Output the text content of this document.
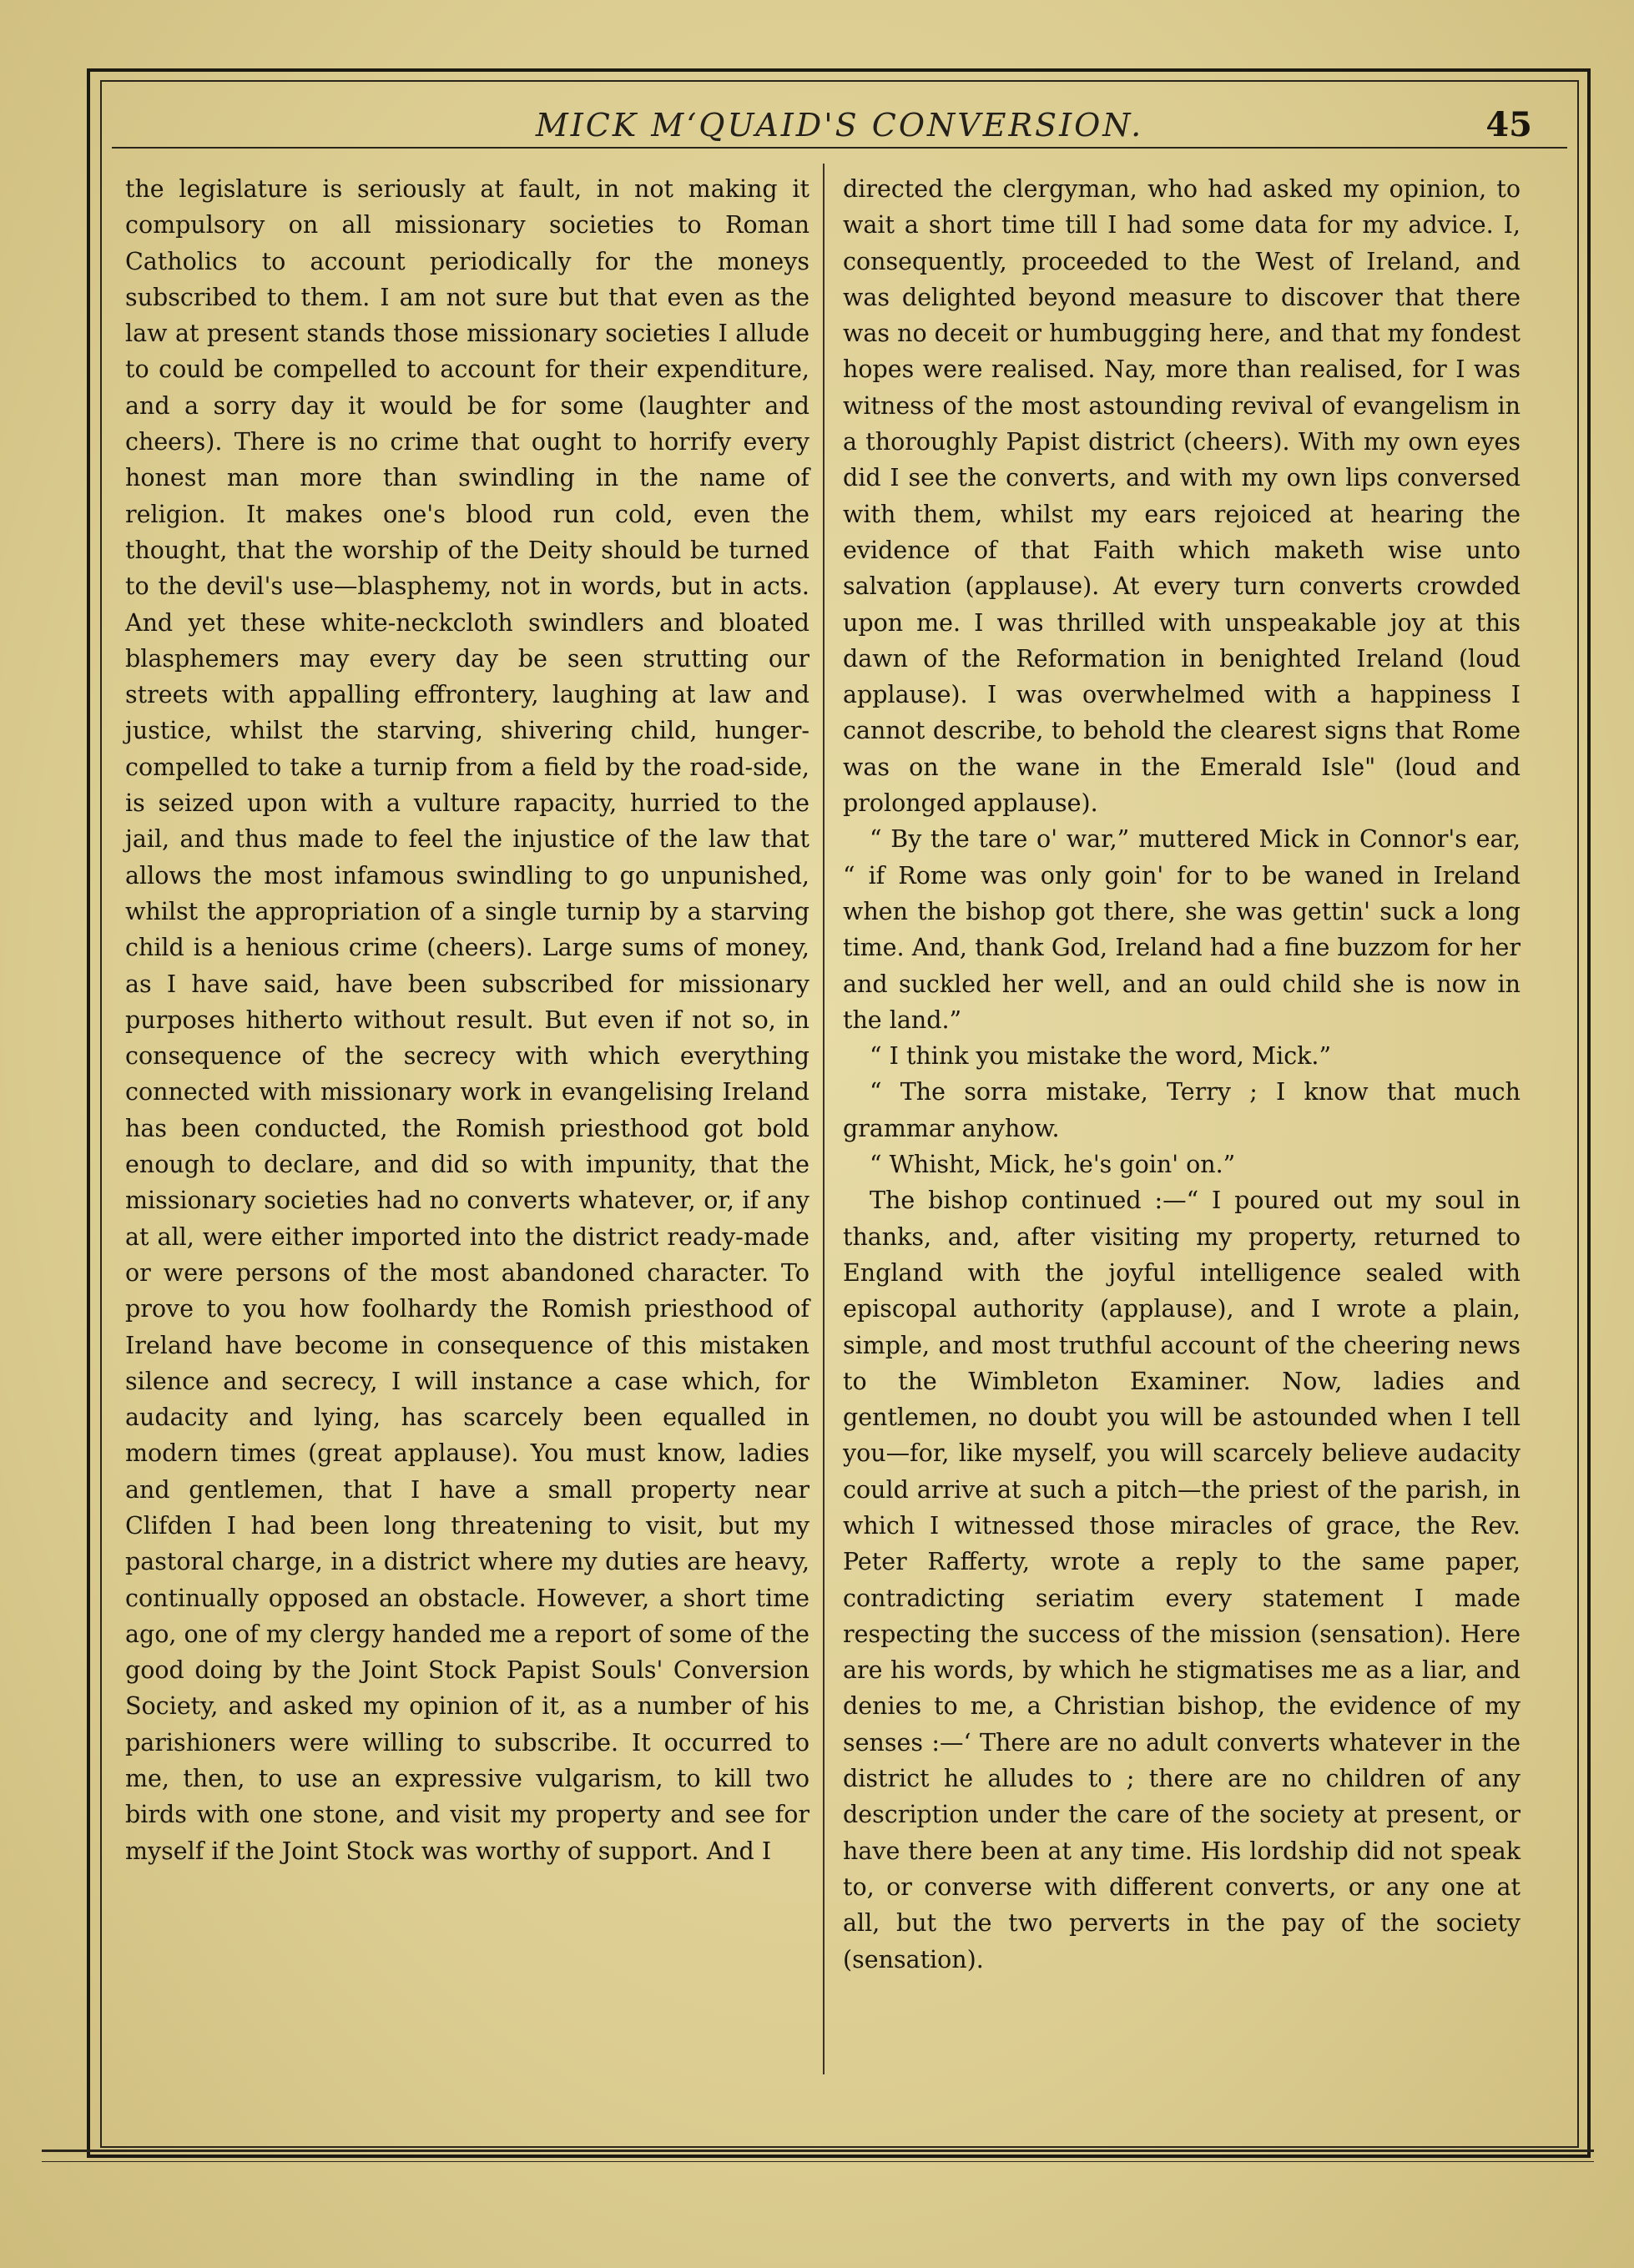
MICK M‘QUAID'S CONVERSION.	45

the legislature is seriously at fault, in not making it compulsory on all missionary societies to Roman Catholics to account periodically for the moneys subscribed to them. I am not sure but that even as the law at present stands those missionary societies I allude to could be compelled to account for their expenditure, and a sorry day it would be for some (laughter and cheers). There is no crime that ought to horrify every honest man more than swindling in the name of religion. It makes one's blood run cold, even the thought, that the worship of the Deity should be turned to the devil's use—blasphemy, not in words, but in acts. And yet these white-neckcloth swindlers and bloated blasphemers may every day be seen strutting our streets with appalling effrontery, laughing at law and justice, whilst the starving, shivering child, hunger-compelled to take a turnip from a field by the road-side, is seized upon with a vulture rapacity, hurried to the jail, and thus made to feel the injustice of the law that allows the most infamous swindling to go unpunished, whilst the appropriation of a single turnip by a starving child is a henious crime (cheers). Large sums of money, as I have said, have been subscribed for missionary purposes hitherto without result. But even if not so, in consequence of the secrecy with which everything connected with missionary work in evangelising Ireland has been conducted, the Romish priesthood got bold enough to declare, and did so with impunity, that the missionary societies had no converts whatever, or, if any at all, were either imported into the district ready-made or were persons of the most abandoned character. To prove to you how foolhardy the Romish priesthood of Ireland have become in consequence of this mistaken silence and secrecy, I will instance a case which, for audacity and lying, has scarcely been equalled in modern times (great applause). You must know, ladies and gentlemen, that I have a small property near Clifden I had been long threatening to visit, but my pastoral charge, in a district where my duties are heavy, continually opposed an obstacle. However, a short time ago, one of my clergy handed me a report of some of the good doing by the Joint Stock Papist Souls' Conversion Society, and asked my opinion of it, as a number of his parishioners were willing to subscribe. It occurred to me, then, to use an expressive vulgarism, to kill two birds with one stone, and visit my property and see for myself if the Joint Stock was worthy of support. And I

directed the clergyman, who had asked my opinion, to wait a short time till I had some data for my advice. I, consequently, proceeded to the West of Ireland, and was delighted beyond measure to discover that there was no deceit or humbugging here, and that my fondest hopes were realised. Nay, more than realised, for I was witness of the most astounding revival of evangelism in a thoroughly Papist district (cheers). With my own eyes did I see the converts, and with my own lips conversed with them, whilst my ears rejoiced at hearing the evidence of that Faith which maketh wise unto salvation (applause). At every turn converts crowded upon me. I was thrilled with unspeakable joy at this dawn of the Reformation in benighted Ireland (loud applause). I was overwhelmed with a happiness I cannot describe, to behold the clearest signs that Rome was on the wane in the Emerald Isle" (loud and prolonged applause).

“ By the tare o' war,” muttered Mick in Connor's ear, “ if Rome was only goin' for to be waned in Ireland when the bishop got there, she was gettin' suck a long time. And, thank God, Ireland had a fine buzzom for her and suckled her well, and an ould child she is now in the land.”

“ I think you mistake the word, Mick.”

“ The sorra mistake, Terry ; I know that much grammar anyhow.

“ Whisht, Mick, he's goin' on.”

The bishop continued :—“ I poured out my soul in thanks, and, after visiting my property, returned to England with the joyful intelligence sealed with episcopal authority (applause), and I wrote a plain, simple, and most truthful account of the cheering news to the Wimbleton Examiner. Now, ladies and gentlemen, no doubt you will be astounded when I tell you—for, like myself, you will scarcely believe audacity could arrive at such a pitch—the priest of the parish, in which I witnessed those miracles of grace, the Rev. Peter Rafferty, wrote a reply to the same paper, contradicting seriatim every statement I made respecting the success of the mission (sensation). Here are his words, by which he stigmatises me as a liar, and denies to me, a Christian bishop, the evidence of my senses :—‘ There are no adult converts whatever in the district he alludes to ; there are no children of any description under the care of the society at present, or have there been at any time. His lordship did not speak to, or converse with different converts, or any one at all, but the two perverts in the pay of the society (sensation).
